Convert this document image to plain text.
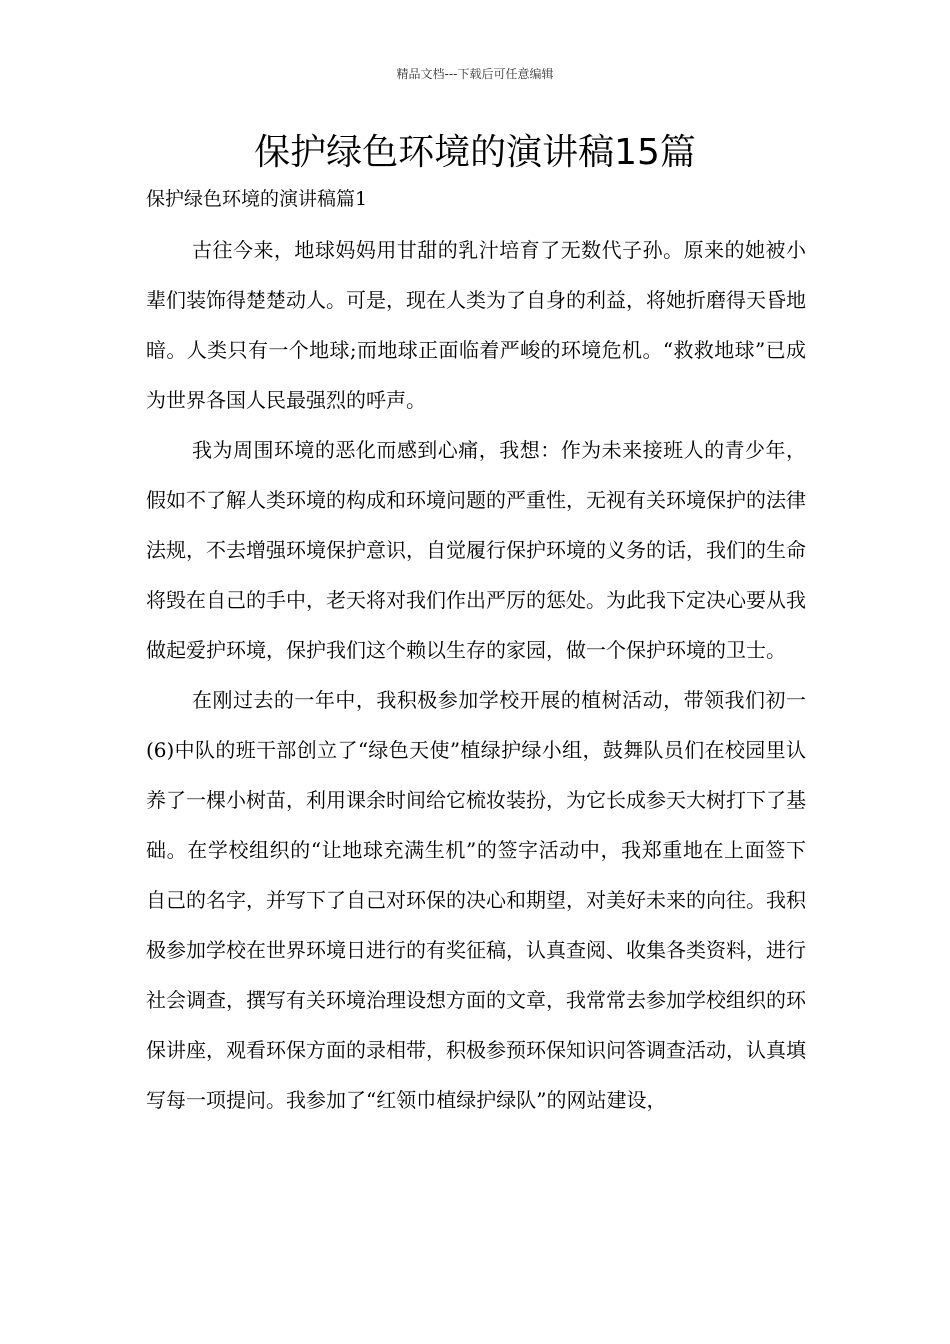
精品文档---下载后可任意编辑
保护绿色环境的演讲稿15篇
保护绿色环境的演讲稿篇1

古往今来，地球妈妈用甘甜的乳汁培育了无数代子孙。原来的她被小辈们装饰得楚楚动人。可是，现在人类为了自身的利益，将她折磨得天昏地暗。人类只有一个地球;而地球正面临着严峻的环境危机。“救救地球”已成为世界各国人民最强烈的呼声。

我为周围环境的恶化而感到心痛，我想：作为未来接班人的青少年，假如不了解人类环境的构成和环境问题的严重性，无视有关环境保护的法律法规，不去增强环境保护意识，自觉履行保护环境的义务的话，我们的生命将毁在自己的手中，老天将对我们作出严厉的惩处。为此我下定决心要从我做起爱护环境，保护我们这个赖以生存的家园，做一个保护环境的卫士。

在刚过去的一年中，我积极参加学校开展的植树活动，带领我们初一(6)中队的班干部创立了“绿色天使”植绿护绿小组，鼓舞队员们在校园里认养了一棵小树苗，利用课余时间给它梳妆装扮，为它长成参天大树打下了基础。在学校组织的“让地球充满生机”的签字活动中，我郑重地在上面签下自己的名字，并写下了自己对环保的决心和期望，对美好未来的向往。我积极参加学校在世界环境日进行的有奖征稿，认真查阅、收集各类资料，进行社会调查，撰写有关环境治理设想方面的文章，我常常去参加学校组织的环保讲座，观看环保方面的录相带，积极参预环保知识问答调查活动，认真填写每一项提问。我参加了“红领巾植绿护绿队”的网站建设，
